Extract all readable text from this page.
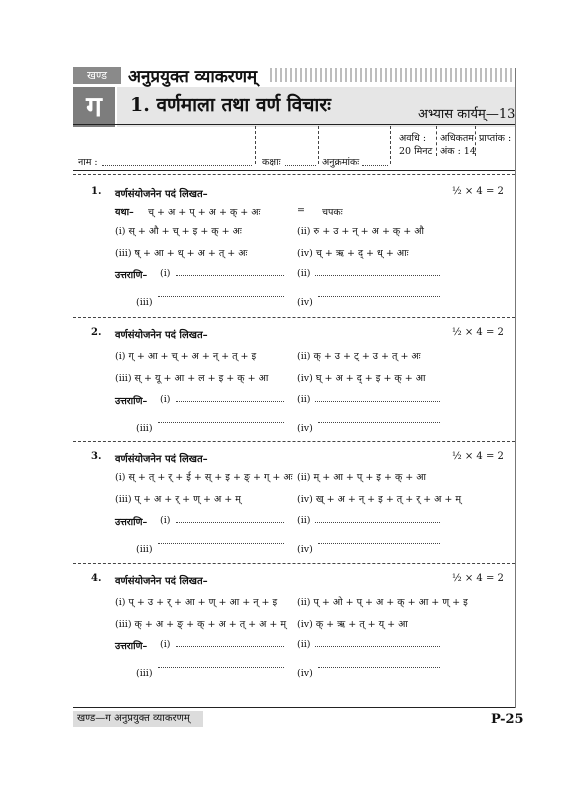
खण्ड	अनुप्रयुक्त व्याकरणम्
ग	1. वर्णमाला तथा वर्ण विचारः	अभ्यास कार्यम्—13
अवधि :
20 मिनट
अधिकतम
अंक : 14
प्राप्तांक :
नाम :	कक्षाः	अनुक्रमांकः
1. वर्णसंयोजनेन पदं लिखत–	½ × 4 = 2
यथा– च् + अ + प् + अ + क् + अः	= चपकः
(i) स् + औ + च् + इ + क् + अः	(ii) रु + उ + न् + अ + क् + औ
(iii) ष् + आ + ध् + अ + त् + अः	(iv) च् + ऋ + द् + ध् + आः
उत्तराणि– (i)	(ii)
(iii)	(iv)
2. वर्णसंयोजनेन पदं लिखत–	½ × 4 = 2
(i) ग् + आ + च् + अ + न् + त् + इ	(ii) क् + उ + ट् + उ + त् + अः
(iii) स् + यू + आ + ल + इ + क् + आ	(iv) घ् + अ + द् + इ + क् + आ
उत्तराणि– (i)	(ii)
(iii)	(iv)
3. वर्णसंयोजनेन पदं लिखत–	½ × 4 = 2
(i) स् + त् + र् + ई + स् + इ + ङ् + ग् + अः (ii) म् + आ + प् + इ + क् + आ
(iii) प् + अ + र् + ण् + अ + म्	(iv) ख् + अ + न् + इ + त् + र् + अ + म्
उत्तराणि– (i)	(ii)
(iii)	(iv)
4. वर्णसंयोजनेन पदं लिखत–	½ × 4 = 2
(i) प् + उ + र् + आ + ण् + आ + न् + इ (ii) प् + ओ + प् + अ + क् + आ + ण् + इ
(iii) क् + अ + ङ् + क् + अ + त् + अ + म् (iv) क् + ऋ + त् + य् + आ
उत्तराणि– (i)	(ii)
(iii)	(iv)
खण्ड—ग अनुप्रयुक्त व्याकरणम्	P-25
